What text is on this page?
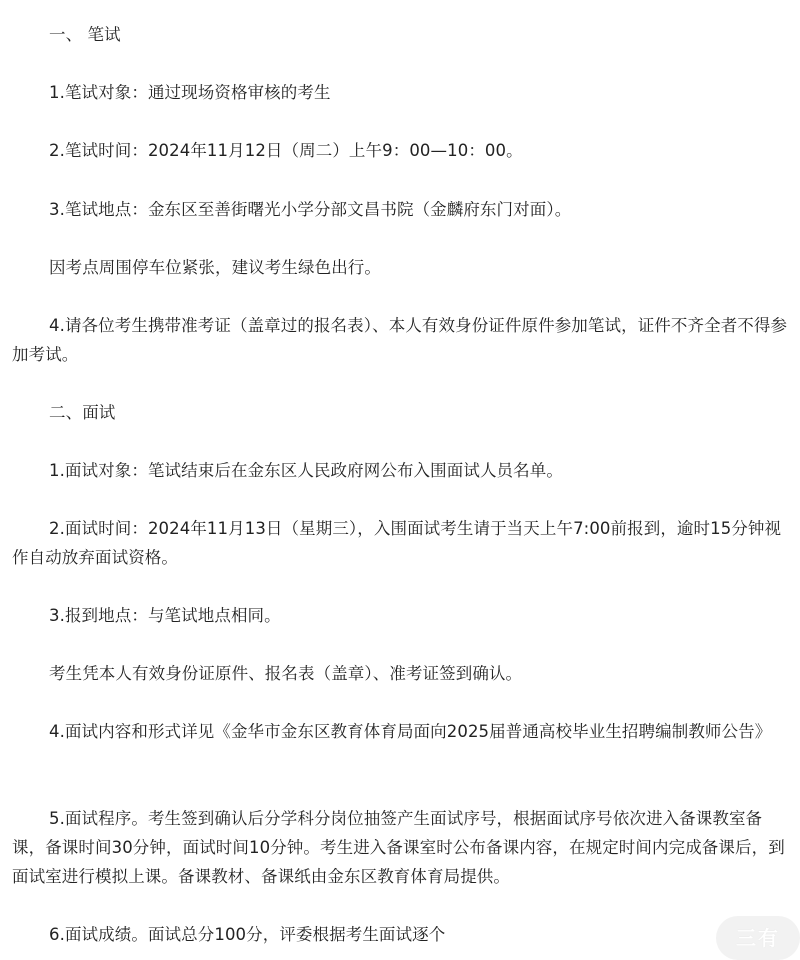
一、 笔试

1.笔试对象：通过现场资格审核的考生

2.笔试时间：2024年11月12日（周二）上午9：00—10：00。

3.笔试地点：金东区至善街曙光小学分部文昌书院（金麟府东门对面）。

因考点周围停车位紧张，建议考生绿色出行。

4.请各位考生携带准考证（盖章过的报名表）、本人有效身份证件原件参加笔试，证件不齐全者不得参加考试。

二、面试

1.面试对象：笔试结束后在金东区人民政府网公布入围面试人员名单。

2.面试时间：2024年11月13日（星期三），入围面试考生请于当天上午7:00前报到，逾时15分钟视作自动放弃面试资格。

3.报到地点：与笔试地点相同。

考生凭本人有效身份证原件、报名表（盖章）、准考证签到确认。

4.面试内容和形式详见《金华市金东区教育体育局面向2025届普通高校毕业生招聘编制教师公告》

5.面试程序。考生签到确认后分学科分岗位抽签产生面试序号，根据面试序号依次进入备课教室备课，备课时间30分钟，面试时间10分钟。考生进入备课室时公布备课内容，在规定时间内完成备课后，到面试室进行模拟上课。备课教材、备课纸由金东区教育体育局提供。

6.面试成绩。面试总分100分，评委根据考生面试逐个	三有
